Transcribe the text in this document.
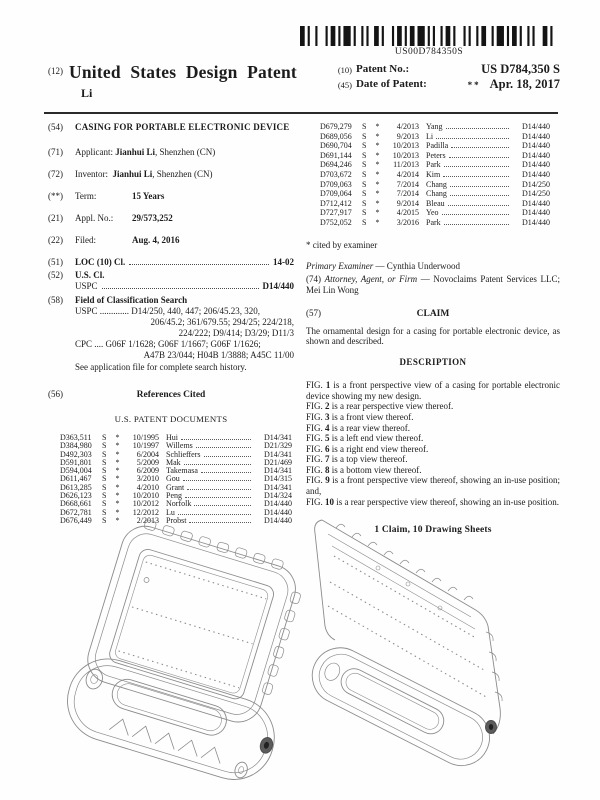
US00D784350S
$^{(12)}$ United States Design Patent
Li
(10) Patent No.:	US D784,350 S
(45) Date of Patent:	** Apr. 18, 2017
(54)	CASING FOR PORTABLE ELECTRONIC DEVICE
(71)	Applicant: Jianhui Li, Shenzhen (CN)
(72)	Inventor: Jianhui Li, Shenzhen (CN)
(**)	Term:	15 Years
(21)	Appl. No.: 29/573,252
(22)	Filed:	Aug. 4, 2016
(51)	LOC (10) Cl.	14-02
(52)	U.S. Cl.
USPC	D14/440
(58)	Field of Classification Search
USPC ............. D14/250, 440, 447; 206/45.23, 320,
206/45.2; 361/679.55; 294/25; 224/218,
224/222; D9/414; D3/29; D11/3
CPC .... G06F 1/1628; G06F 1/1667; G06F 1/1626;
A47B 23/044; H04B 1/3888; A45C 11/00
See application file for complete search history.
(56)	References Cited
U.S. PATENT DOCUMENTS
D363,511	S	*	10/1995 Hui	D14/341
D384,980	S	*	10/1997 Willems	D21/329
D492,303	S	*	6/2004 Schlieffers	D14/341
D591,801	S	*	5/2009 Mak	D21/469
D594,004	S	*	6/2009 Takemasa	D14/341
D611,467	S	*	3/2010 Gou	D14/315
D613,285	S	*	4/2010 Grant	D14/341
D626,123	S	*	10/2010 Peng	D14/324
D668,661	S	*	10/2012 Norfolk	D14/440
D672,781	S	*	12/2012 Lu	D14/440
D676,449	S	*	2/2013 Probst	D14/440
D679,279	S	*	4/2013 Yang	D14/440
D689,056	S	*	9/2013 Li	D14/440
D690,704	S	*	10/2013 Padilla	D14/440
D691,144	S	*	10/2013 Peters	D14/440
D694,246	S	*	11/2013 Park	D14/440
D703,672	S	*	4/2014 Kim	D14/440
D709,063	S	*	7/2014 Chang	D14/250
D709,064	S	*	7/2014 Chang	D14/250
D712,412	S	*	9/2014 Bleau	D14/440
D727,917	S	*	4/2015 Yeo	D14/440
D752,052	S	*	3/2016 Park	D14/440
* cited by examiner

Primary Examiner — Cynthia Underwood

(74) Attorney, Agent, or Firm — Novoclaims Patent Services LLC; Mei Lin Wong

(57)	CLAIM
The ornamental design for a casing for portable electronic device, as shown and described.
DESCRIPTION

FIG. 1 is a front perspective view of a casing for portable electronic device showing my new design.

FIG. 2 is a rear perspective view thereof.

FIG. 3 is a front view thereof.

FIG. 4 is a rear view thereof.

FIG. 5 is a left end view thereof.

FIG. 6 is a right end view thereof.

FIG. 7 is a top view thereof.

FIG. 8 is a bottom view thereof.

FIG. 9 is a front perspective view thereof, showing an in-use position; and,

FIG. 10 is a rear perspective view thereof, showing an in-use position.

1 Claim, 10 Drawing Sheets
